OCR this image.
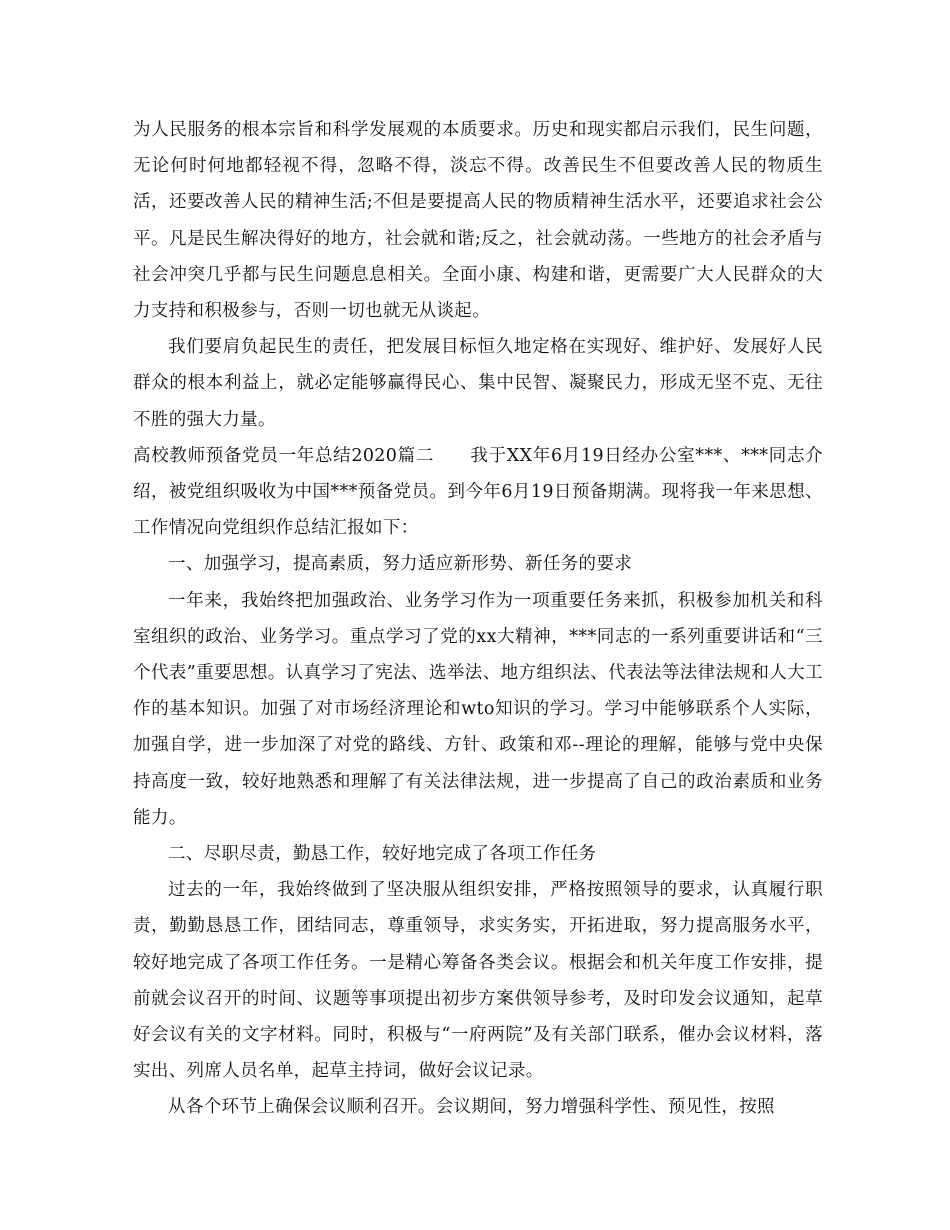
为人民服务的根本宗旨和科学发展观的本质要求。历史和现实都启示我们，民生问题，无论何时何地都轻视不得，忽略不得，淡忘不得。改善民生不但要改善人民的物质生活，还要改善人民的精神生活;不但是要提高人民的物质精神生活水平，还要追求社会公平。凡是民生解决得好的地方，社会就和谐;反之，社会就动荡。一些地方的社会矛盾与社会冲突几乎都与民生问题息息相关。全面小康、构建和谐，更需要广大人民群众的大力支持和积极参与，否则一切也就无从谈起。

我们要肩负起民生的责任，把发展目标恒久地定格在实现好、维护好、发展好人民群众的根本利益上，就必定能够赢得民心、集中民智、凝聚民力，形成无坚不克、无往不胜的强大力量。

高校教师预备党员一年总结2020篇二　　我于XX年6月19日经办公室***、***同志介绍，被党组织吸收为中国***预备党员。到今年6月19日预备期满。现将我一年来思想、工作情况向党组织作总结汇报如下：

一、加强学习，提高素质，努力适应新形势、新任务的要求

一年来，我始终把加强政治、业务学习作为一项重要任务来抓，积极参加机关和科室组织的政治、业务学习。重点学习了党的xx大精神，***同志的一系列重要讲话和“三个代表”重要思想。认真学习了宪法、选举法、地方组织法、代表法等法律法规和人大工作的基本知识。加强了对市场经济理论和wto知识的学习。学习中能够联系个人实际，加强自学，进一步加深了对党的路线、方针、政策和邓--理论的理解，能够与党中央保持高度一致，较好地熟悉和理解了有关法律法规，进一步提高了自己的政治素质和业务能力。

二、尽职尽责，勤恳工作，较好地完成了各项工作任务

过去的一年，我始终做到了坚决服从组织安排，严格按照领导的要求，认真履行职责，勤勤恳恳工作，团结同志，尊重领导，求实务实，开拓进取，努力提高服务水平，较好地完成了各项工作任务。一是精心筹备各类会议。根据会和机关年度工作安排，提前就会议召开的时间、议题等事项提出初步方案供领导参考，及时印发会议通知，起草好会议有关的文字材料。同时，积极与“一府两院”及有关部门联系，催办会议材料，落实出、列席人员名单，起草主持词，做好会议记录。

从各个环节上确保会议顺利召开。会议期间，努力增强科学性、预见性，按照
